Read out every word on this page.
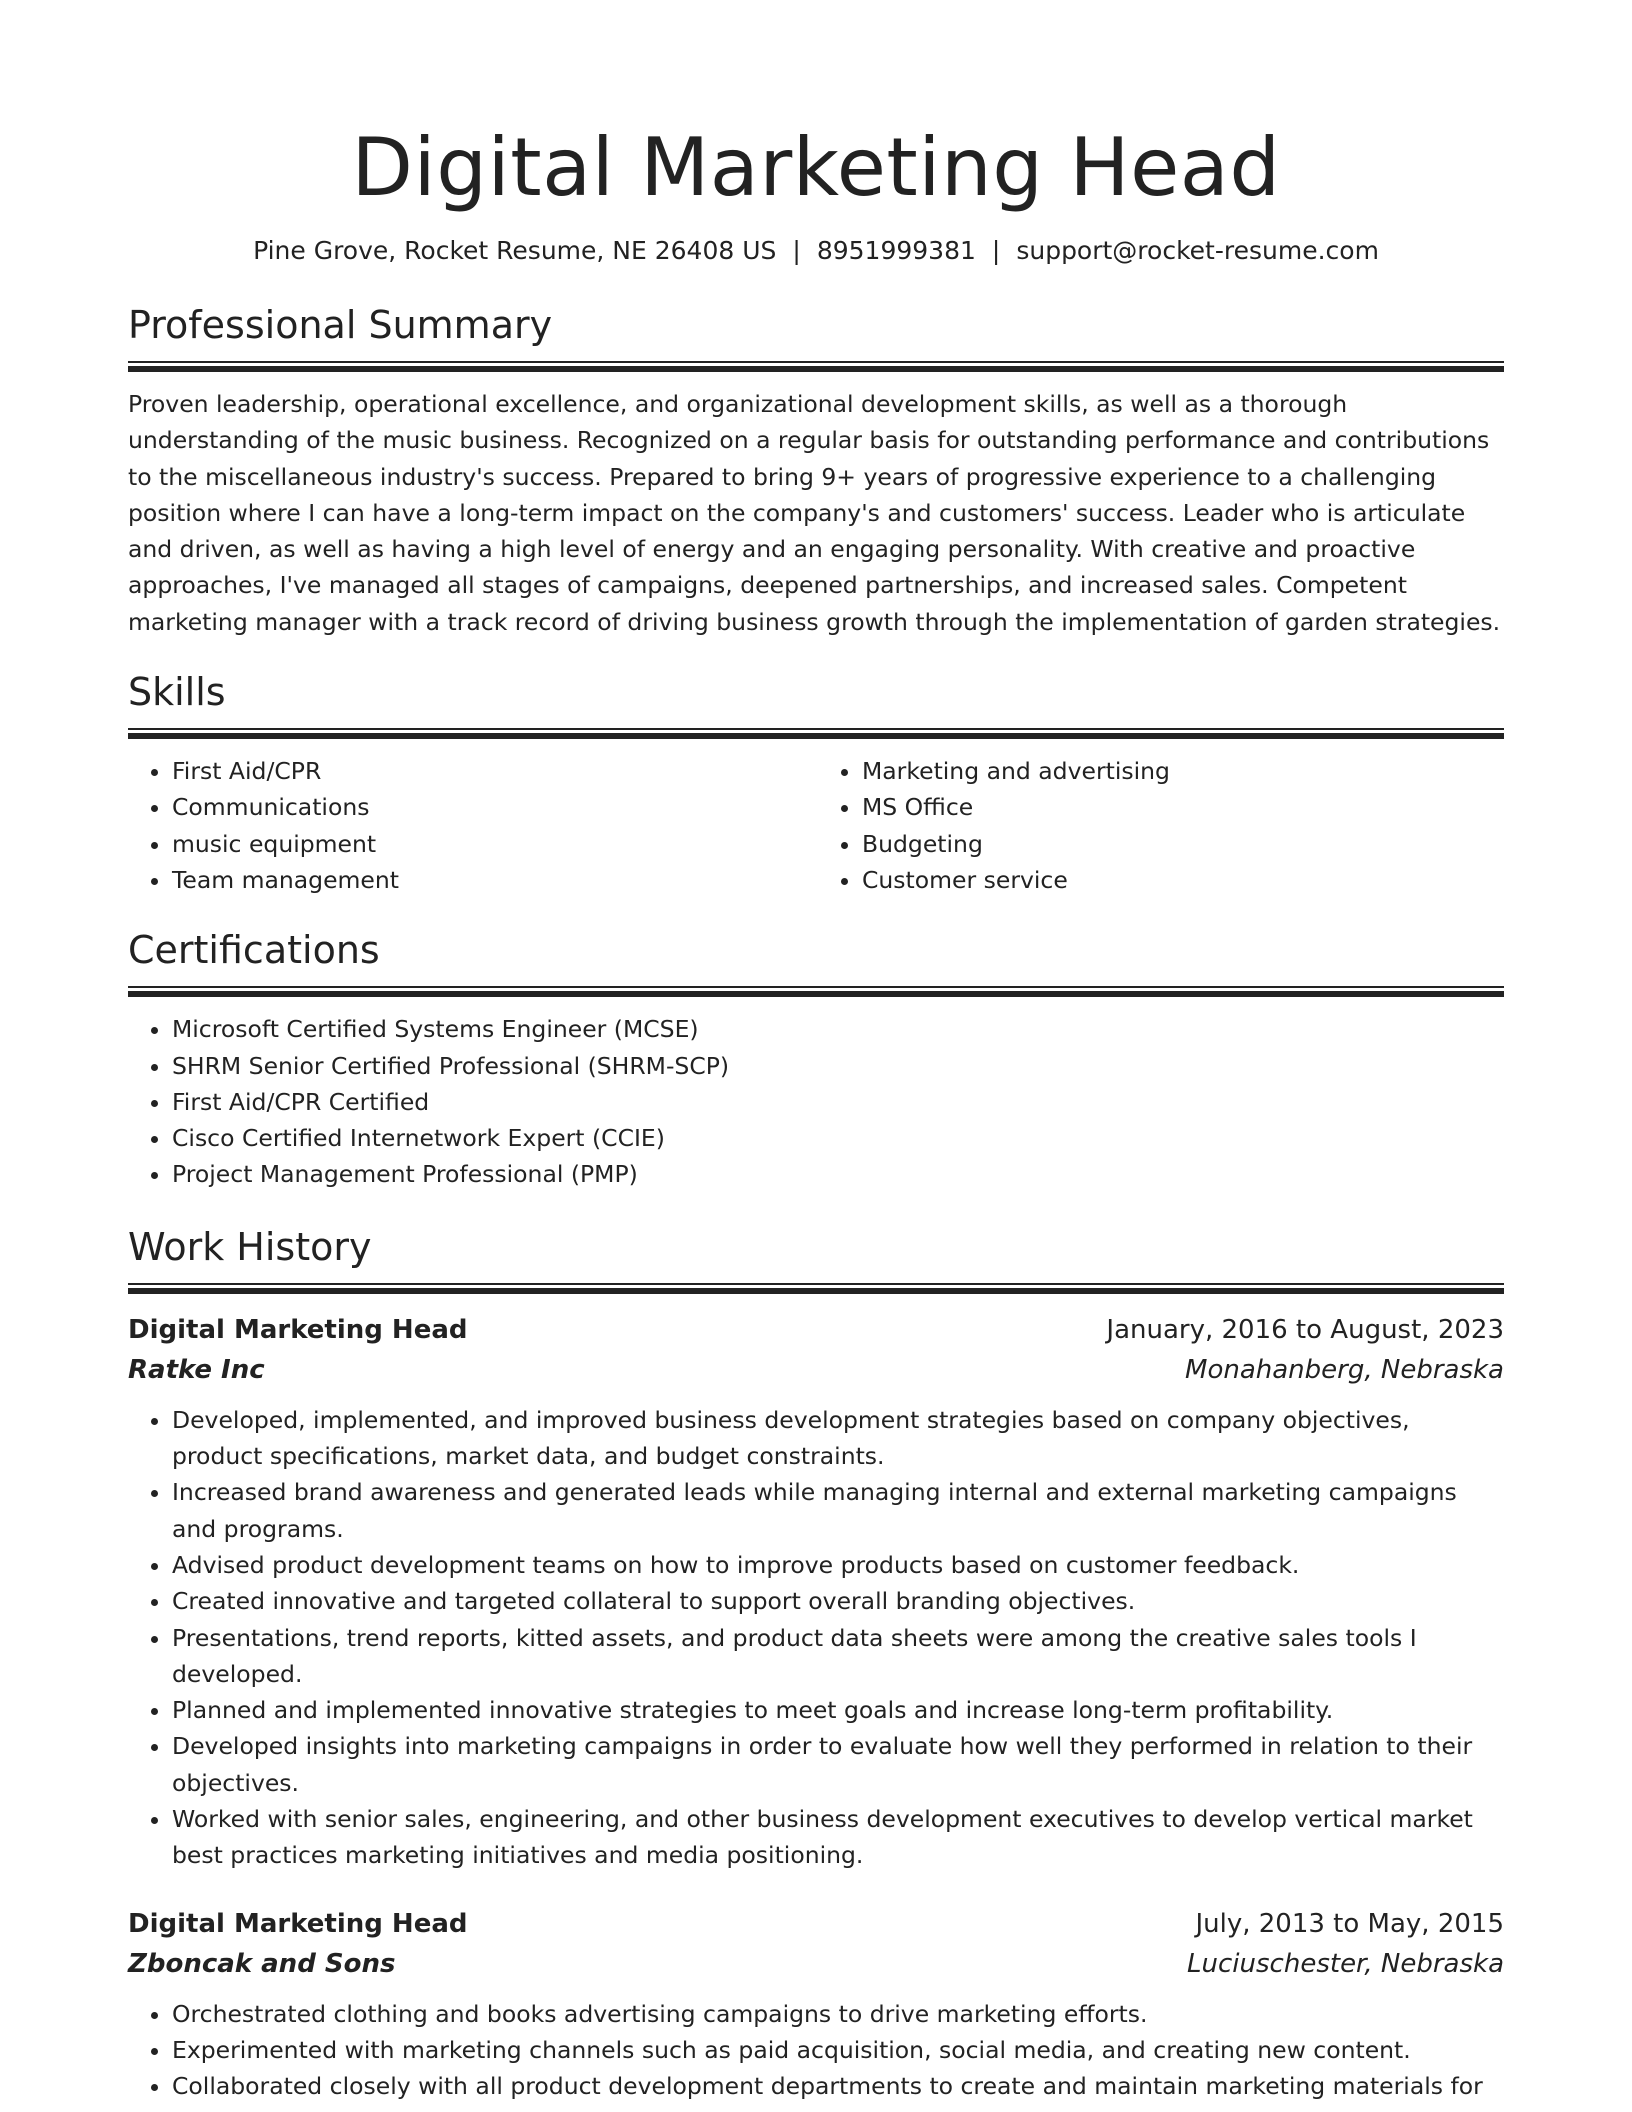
Digital Marketing Head
Pine Grove, Rocket Resume, NE 26408 US | 8951999381 | support@rocket-resume.com
Professional Summary
Proven leadership, operational excellence, and organizational development skills, as well as a thorough understanding of the music business. Recognized on a regular basis for outstanding performance and contributions to the miscellaneous industry's success. Prepared to bring 9+ years of progressive experience to a challenging position where I can have a long-term impact on the company's and customers' success. Leader who is articulate and driven, as well as having a high level of energy and an engaging personality. With creative and proactive approaches, I've managed all stages of campaigns, deepened partnerships, and increased sales. Competent marketing manager with a track record of driving business growth through the implementation of garden strategies.
Skills
• First Aid/CPR
• Communications
• music equipment
• Team management
• Marketing and advertising
• MS Office
• Budgeting
• Customer service
Certifications
• Microsoft Certified Systems Engineer (MCSE)
• SHRM Senior Certified Professional (SHRM-SCP)
• First Aid/CPR Certified
• Cisco Certified Internetwork Expert (CCIE)
• Project Management Professional (PMP)
Work History
Digital Marketing Head	January, 2016 to August, 2023
Ratke Inc	Monahanberg, Nebraska
• Developed, implemented, and improved business development strategies based on company objectives, product specifications, market data, and budget constraints.
• Increased brand awareness and generated leads while managing internal and external marketing campaigns and programs.
• Advised product development teams on how to improve products based on customer feedback.
• Created innovative and targeted collateral to support overall branding objectives.
• Presentations, trend reports, kitted assets, and product data sheets were among the creative sales tools I developed.
• Planned and implemented innovative strategies to meet goals and increase long-term profitability.
• Developed insights into marketing campaigns in order to evaluate how well they performed in relation to their objectives.
• Worked with senior sales, engineering, and other business development executives to develop vertical market best practices marketing initiatives and media positioning.
Digital Marketing Head	July, 2013 to May, 2015
Zboncak and Sons	Luciuschester, Nebraska
• Orchestrated clothing and books advertising campaigns to drive marketing efforts.
• Experimented with marketing channels such as paid acquisition, social media, and creating new content.
• Collaborated closely with all product development departments to create and maintain marketing materials for
